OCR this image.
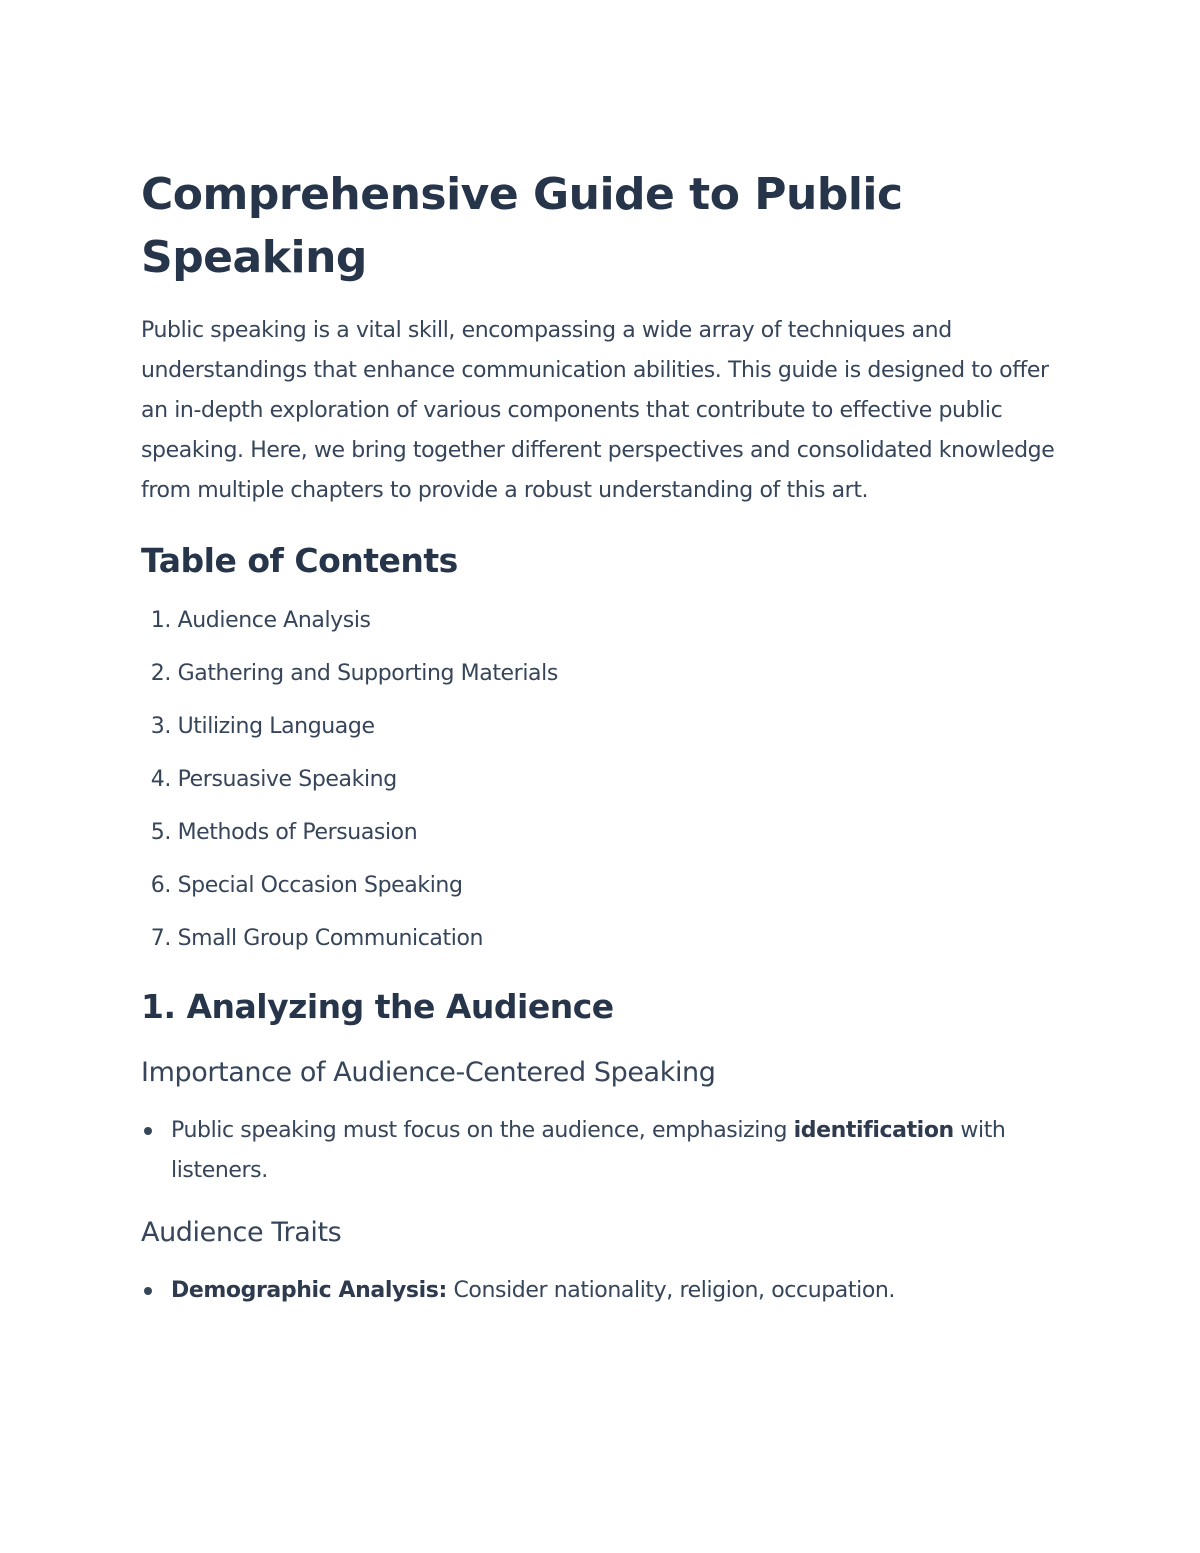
Comprehensive Guide to Public Speaking

Public speaking is a vital skill, encompassing a wide array of techniques and understandings that enhance communication abilities. This guide is designed to offer an in-depth exploration of various components that contribute to effective public speaking. Here, we bring together different perspectives and consolidated knowledge from multiple chapters to provide a robust understanding of this art.

Table of Contents
1. Audience Analysis
2. Gathering and Supporting Materials
3. Utilizing Language
4. Persuasive Speaking
5. Methods of Persuasion
6. Special Occasion Speaking
7. Small Group Communication
1. Analyzing the Audience
Importance of Audience-Centered Speaking
Public speaking must focus on the audience, emphasizing identification with listeners.
Audience Traits
Demographic Analysis: Consider nationality, religion, occupation.
